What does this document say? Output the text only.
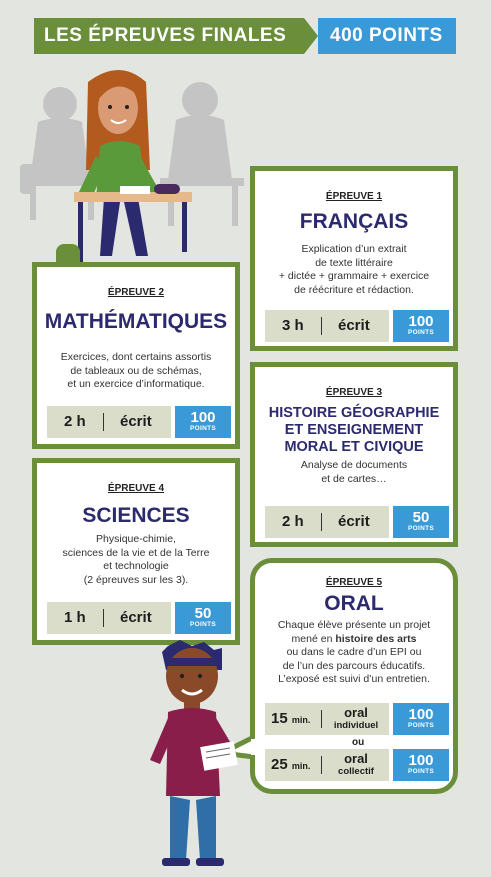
LES ÉPREUVES FINALES 400 POINTS
ÉPREUVE 1
FRANÇAIS
Explication d’un extrait
de texte littéraire
+ dictée + grammaire + exercice
de réécriture et rédaction.
3 h écrit	100
POINTS
ÉPREUVE 2
MATHÉMATIQUES
Exercices, dont certains assortis
de tableaux ou de schémas,
et un exercice d’informatique.
2 h écrit	100
POINTS
ÉPREUVE 3
HISTOIRE GÉOGRAPHIE
ET ENSEIGNEMENT
MORAL ET CIVIQUE
Analyse de documents
et de cartes…
2 h écrit	50
POINTS
ÉPREUVE 4
SCIENCES
Physique-chimie,
sciences de la vie et de la Terre
et technologie
(2 épreuves sur les 3).
1 h écrit	50
POINTS
ÉPREUVE 5
ORAL
Chaque élève présente un projet
mené en histoire des arts
ou dans le cadre d’un EPI ou
de l’un des parcours éducatifs.
L’exposé est suivi d’un entretien.
15 min.	oral
individuel
100
POINTS
ou
25 min.	oral
collectif
100
POINTS
